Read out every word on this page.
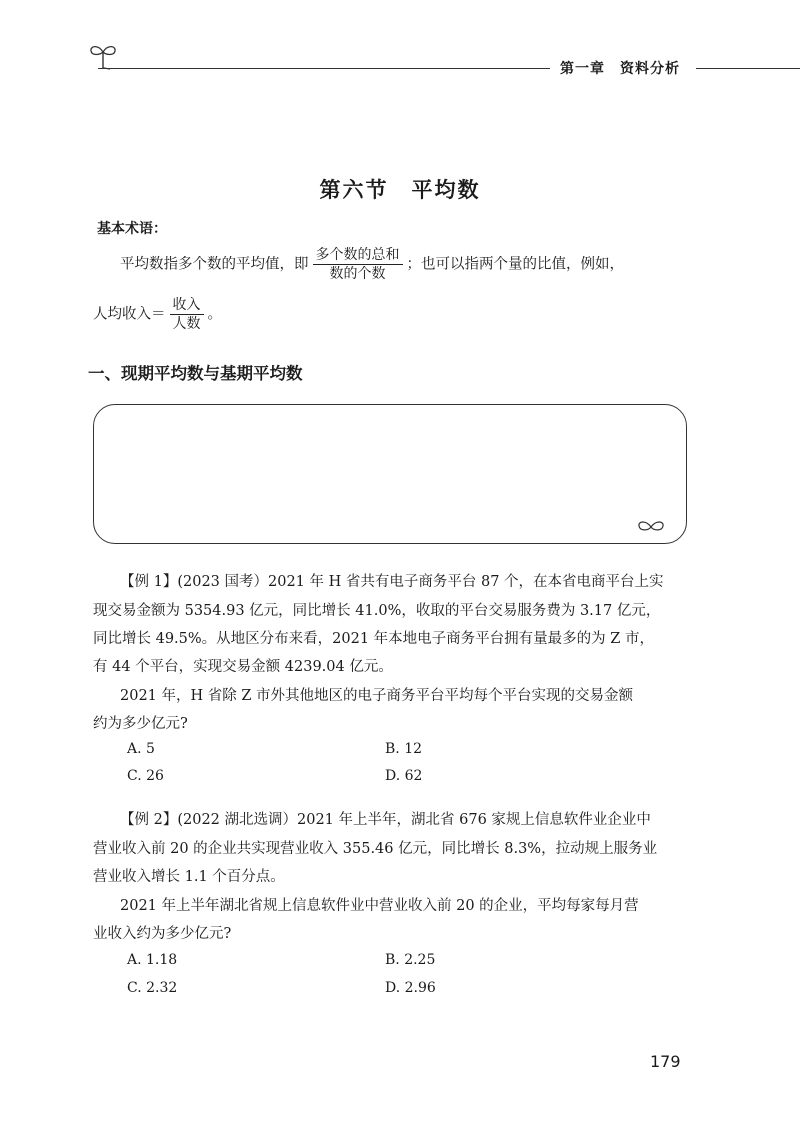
第一章　资料分析
第六节　平均数
基本术语：
平均数指多个数的平均值，即 $\frac{\text{多个数的总和}}{\text{数的个数}}$ ；也可以指两个量的比值，例如，
人均收入＝ $\frac{\text{收入}}{\text{人数}}$ 。
一、现期平均数与基期平均数
【例 1】(2023 国考）2021 年 H 省共有电子商务平台 87 个，在本省电商平台上实
现交易金额为 5354.93 亿元，同比增长 41.0%，收取的平台交易服务费为 3.17 亿元，
同比增长 49.5%。从地区分布来看，2021 年本地电子商务平台拥有量最多的为 Z 市，
有 44 个平台，实现交易金额 4239.04 亿元。
2021 年，H 省除 Z 市外其他地区的电子商务平台平均每个平台实现的交易金额
约为多少亿元?
A. 5	B. 12
C. 26	D. 62
【例 2】(2022 湖北选调）2021 年上半年，湖北省 676 家规上信息软件业企业中
营业收入前 20 的企业共实现营业收入 355.46 亿元，同比增长 8.3%，拉动规上服务业
营业收入增长 1.1 个百分点。
2021 年上半年湖北省规上信息软件业中营业收入前 20 的企业，平均每家每月营
业收入约为多少亿元?
A. 1.18	B. 2.25
C. 2.32	D. 2.96
179
